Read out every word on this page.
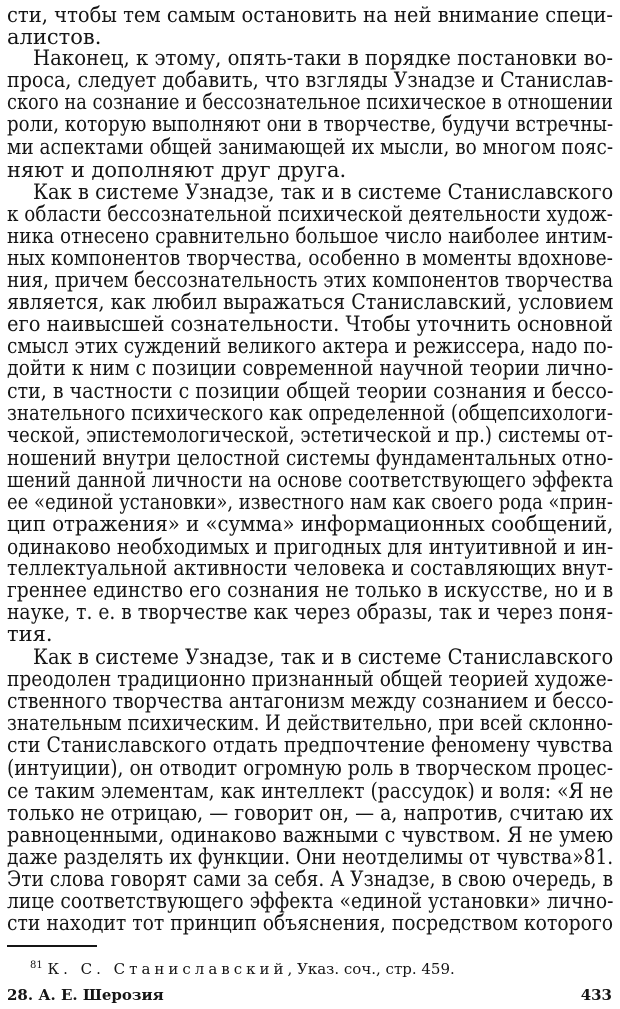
сти, чтобы тем самым остановить на ней внимание специ-

алистов.

Наконец, к этому, опять-таки в порядке постановки во-

проса, следует добавить, что взгляды Узнадзе и Станислав-

ского на сознание и бессознательное психическое в отношении

роли, которую выполняют они в творчестве, будучи встречны-

ми аспектами общей занимающей их мысли, во многом пояс-

няют и дополняют друг друга.

Как в системе Узнадзе, так и в системе Станиславского

к области бессознательной психической деятельности худож-

ника отнесено сравнительно большое число наиболее интим-

ных компонентов творчества, особенно в моменты вдохнове-

ния, причем бессознательность этих компонентов творчества

является, как любил выражаться Станиславский, условием

его наивысшей сознательности. Чтобы уточнить основной

смысл этих суждений великого актера и режиссера, надо по-

дойти к ним с позиции современной научной теории личнo-

сти, в частности с позиции общей теории сознания и бессо-

знательного психического как определенной (общепсихологи-

ческой, эпистемологической, эстетической и пр.) системы от-

ношений внутри целостной системы фундаментальных отно-

шений данной личности на основе соответствующего эффекта

ее «единой установки», известного нам как своего рода «прин-

цип отражения» и «сумма» информационных сообщений,

одинаково необходимых и пригодных для интуитивной и ин-

теллектуальной активности человека и составляющих внут-

греннее единство его сознания не только в искусстве, но и в

науке, т. е. в творчестве как через образы, так и через поня-

тия.

Как в системе Узнадзе, так и в системе Станиславского

преодолен традиционно признанный общей теорией художе-

ственного творчества антагонизм между сознанием и бессо-

знательным психическим. И действительно, при всей склонно-

сти Станиславского отдать предпочтение феномену чувства

(интуиции), он отводит огромную роль в творческом процес-

се таким элементам, как интеллект (рассудок) и воля: «Я не

только не отрицаю, — говорит он, — а, напротив, считаю их

равноценными, одинаково важными с чувством. Я не умею

даже разделять их функции. Они неотделимы от чувства»81.

Эти слова говорят сами за себя. А Узнадзе, в свою очередь, в

лице соответствующего эффекта «единой установки» лично-

сти находит тот принцип объяснения, посредством которого

$^{81}$ К. С. Станиславский, Указ. соч., стр. 459.
28. А. Е. Шерозия	433
